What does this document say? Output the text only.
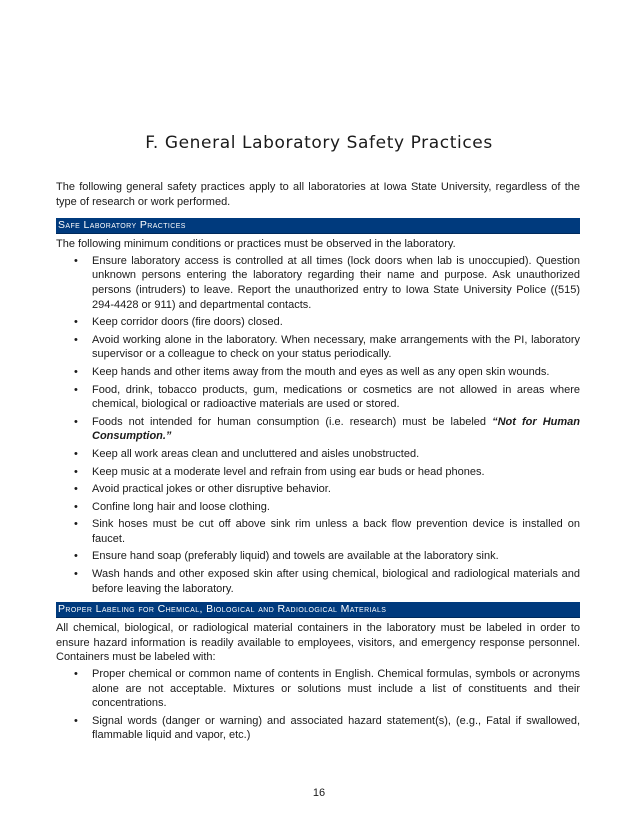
F. General Laboratory Safety Practices

The following general safety practices apply to all laboratories at Iowa State University, regardless of the type of research or work performed.

Safe Laboratory Practices

The following minimum conditions or practices must be observed in the laboratory.

• Ensure laboratory access is controlled at all times (lock doors when lab is unoccupied). Question unknown persons entering the laboratory regarding their name and purpose. Ask unauthorized persons (intruders) to leave. Report the unauthorized entry to Iowa State University Police ((515) 294-4428 or 911) and departmental contacts.
• Keep corridor doors (fire doors) closed.
• Avoid working alone in the laboratory. When necessary, make arrangements with the PI, laboratory supervisor or a colleague to check on your status periodically.
• Keep hands and other items away from the mouth and eyes as well as any open skin wounds.
• Food, drink, tobacco products, gum, medications or cosmetics are not allowed in areas where chemical, biological or radioactive materials are used or stored.
• Foods not intended for human consumption (i.e. research) must be labeled “Not for Human Consumption.”
• Keep all work areas clean and uncluttered and aisles unobstructed.
• Keep music at a moderate level and refrain from using ear buds or head phones.
• Avoid practical jokes or other disruptive behavior.
• Confine long hair and loose clothing.
• Sink hoses must be cut off above sink rim unless a back flow prevention device is installed on faucet.
• Ensure hand soap (preferably liquid) and towels are available at the laboratory sink.
• Wash hands and other exposed skin after using chemical, biological and radiological materials and before leaving the laboratory.
Proper Labeling for Chemical, Biological and Radiological Materials

All chemical, biological, or radiological material containers in the laboratory must be labeled in order to ensure hazard information is readily available to employees, visitors, and emergency response personnel. Containers must be labeled with:

• Proper chemical or common name of contents in English. Chemical formulas, symbols or acronyms alone are not acceptable. Mixtures or solutions must include a list of constituents and their concentrations.
• Signal words (danger or warning) and associated hazard statement(s), (e.g., Fatal if swallowed, flammable liquid and vapor, etc.)
16
